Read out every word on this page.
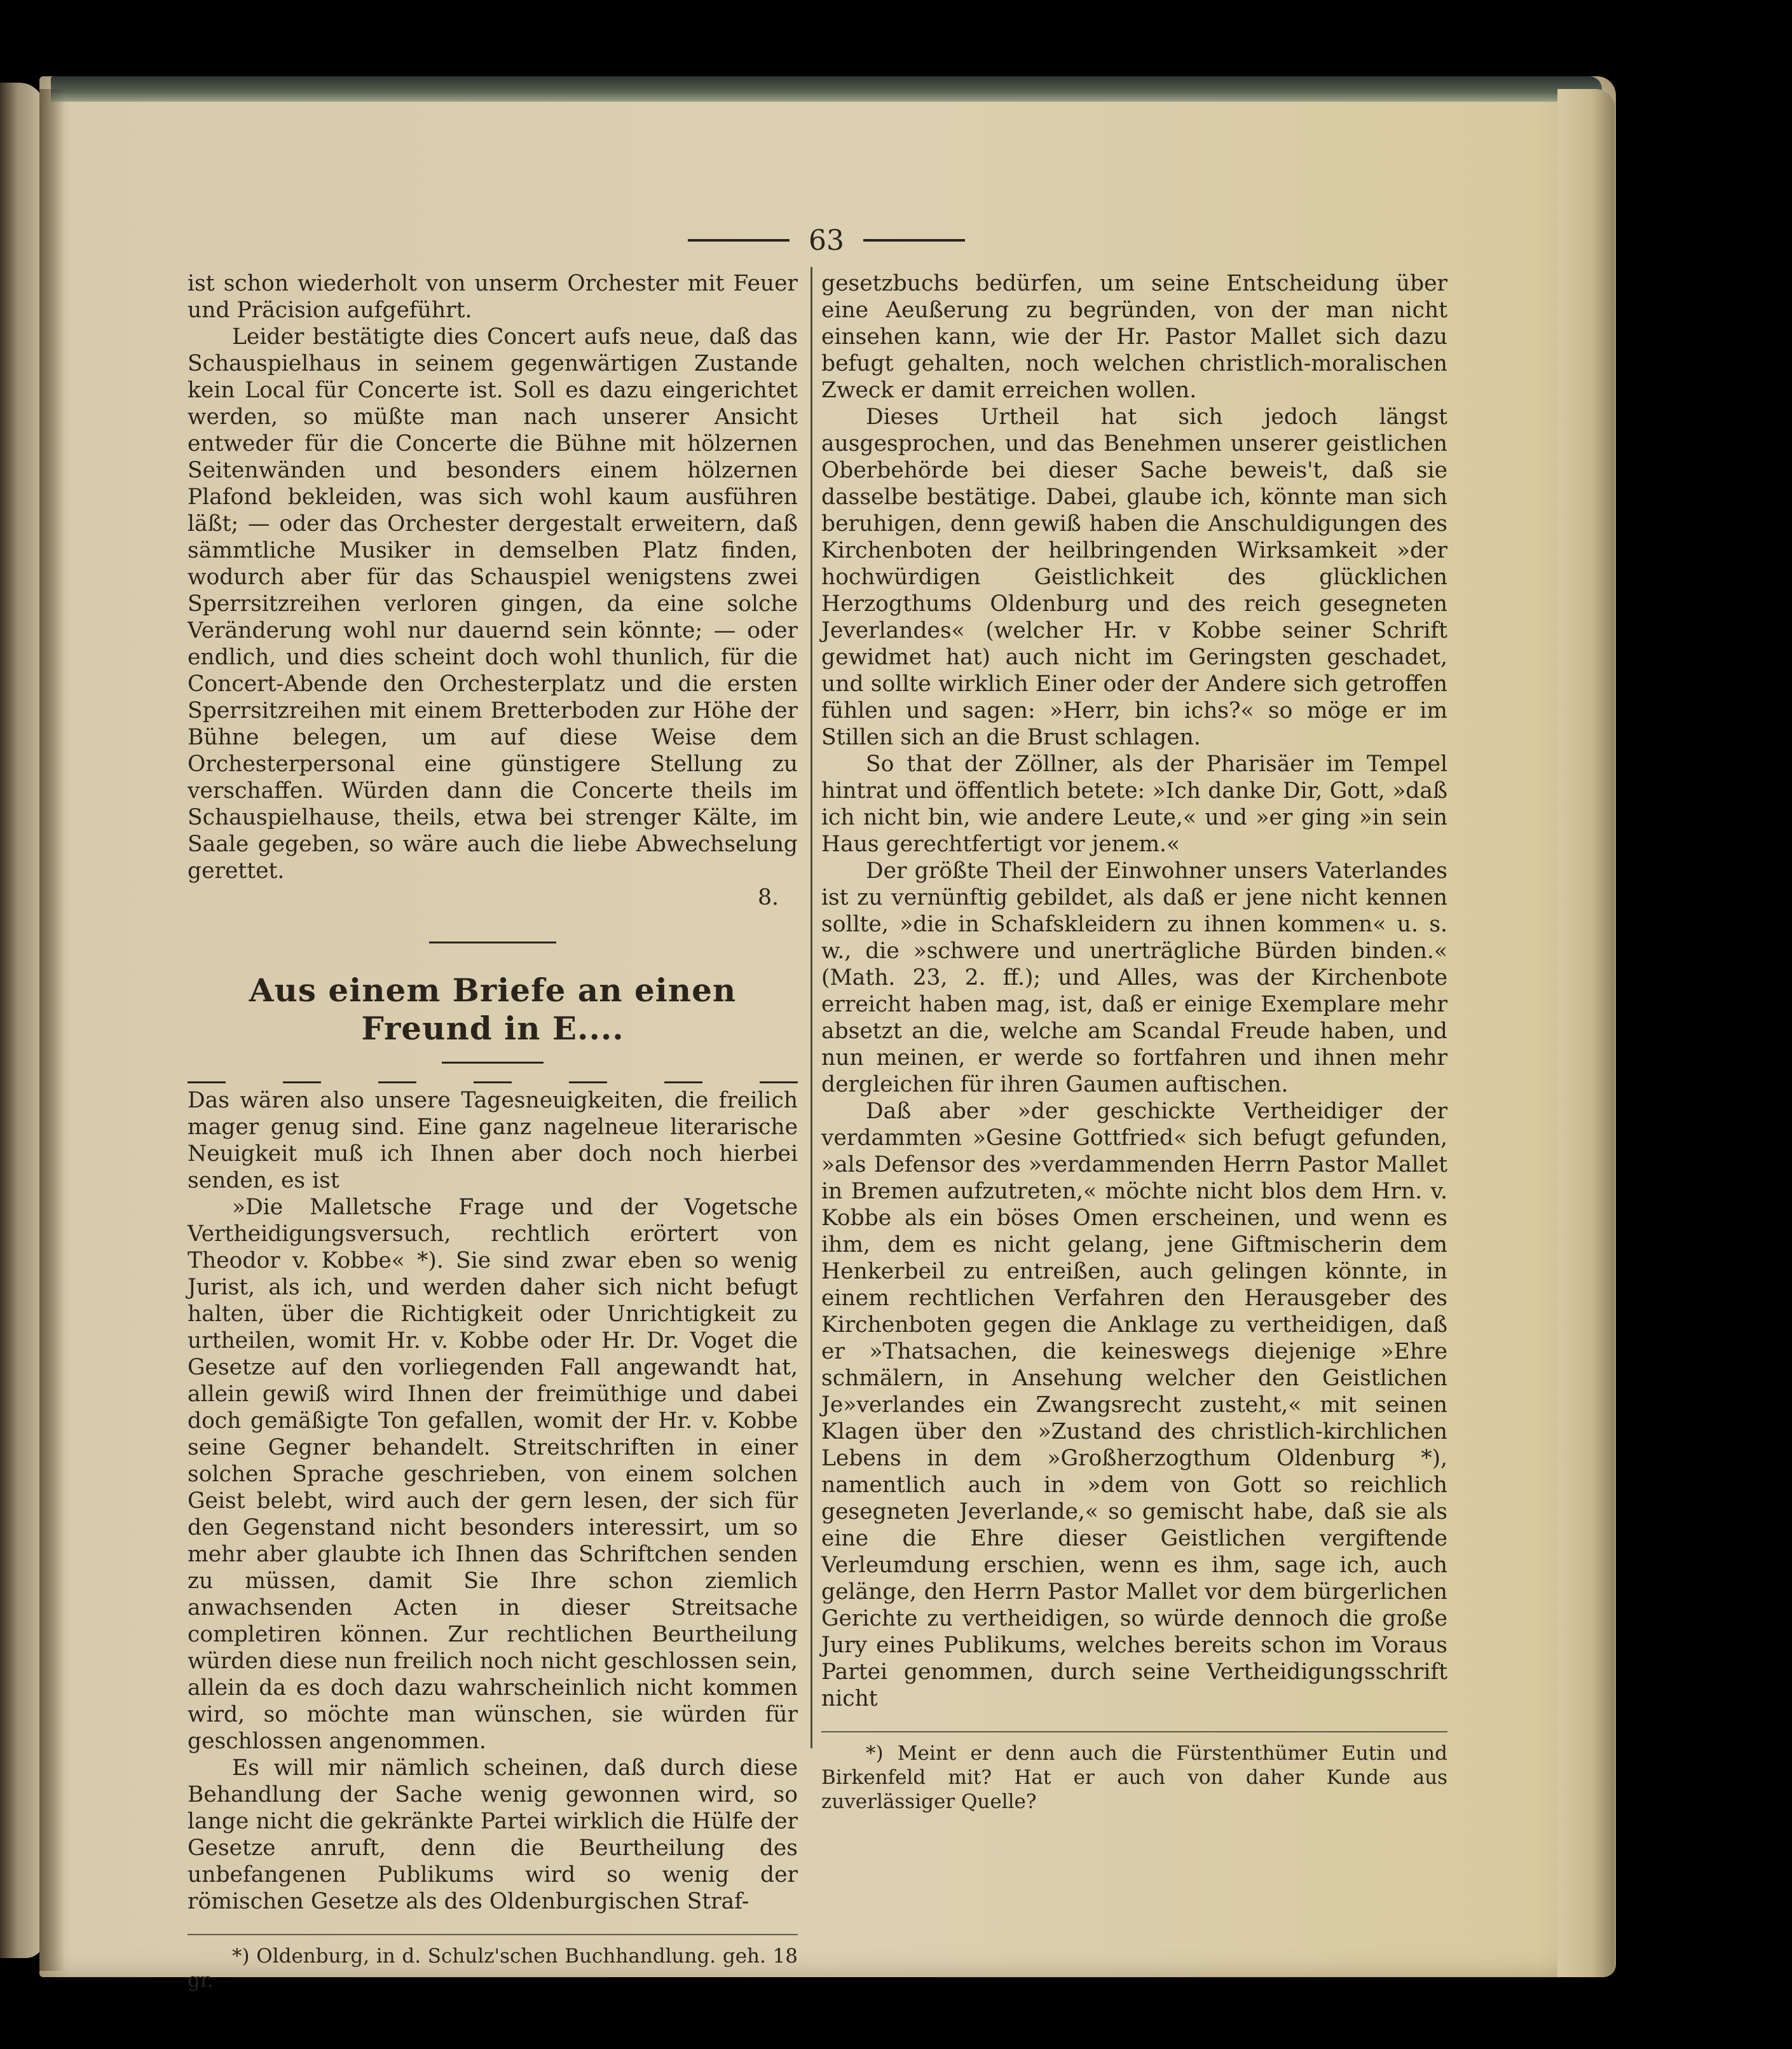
63

ist schon wiederholt von unserm Orchester mit Feuer und Präcision aufgeführt.

Leider bestätigte dies Concert aufs neue, daß das Schauspielhaus in seinem gegenwärtigen Zustande kein Local für Concerte ist. Soll es dazu eingerichtet werden, so müßte man nach unserer Ansicht entweder für die Concerte die Bühne mit hölzernen Seitenwänden und besonders einem hölzernen Plafond bekleiden, was sich wohl kaum ausführen läßt; — oder das Orchester dergestalt erweitern, daß sämmtliche Musiker in demselben Platz finden, wodurch aber für das Schauspiel wenigstens zwei Sperrsitzreihen verloren gingen, da eine solche Veränderung wohl nur dauernd sein könnte; — oder endlich, und dies scheint doch wohl thunlich, für die Concert-Abende den Orchesterplatz und die ersten Sperrsitzreihen mit einem Bretterboden zur Höhe der Bühne belegen, um auf diese Weise dem Orchesterpersonal eine günstigere Stellung zu verschaffen. Würden dann die Concerte theils im Schauspielhause, theils, etwa bei strenger Kälte, im Saale gegeben, so wäre auch die liebe Abwechselung gerettet.

8.

Aus einem Briefe an einen Freund in E....

Das wären also unsere Tagesneuigkeiten, die freilich mager genug sind. Eine ganz nagelneue literarische Neuigkeit muß ich Ihnen aber doch noch hierbei senden, es ist

»Die Malletsche Frage und der Vogetsche Vertheidigungsversuch, rechtlich erörtert von Theodor v. Kobbe« *). Sie sind zwar eben so wenig Jurist, als ich, und werden daher sich nicht befugt halten, über die Richtigkeit oder Unrichtigkeit zu urtheilen, womit Hr. v. Kobbe oder Hr. Dr. Voget die Gesetze auf den vorliegenden Fall angewandt hat, allein gewiß wird Ihnen der freimüthige und dabei doch gemäßigte Ton gefallen, womit der Hr. v. Kobbe seine Gegner behandelt. Streitschriften in einer solchen Sprache geschrieben, von einem solchen Geist belebt, wird auch der gern lesen, der sich für den Gegenstand nicht besonders interessirt, um so mehr aber glaubte ich Ihnen das Schriftchen senden zu müssen, damit Sie Ihre schon ziemlich anwachsenden Acten in dieser Streitsache completiren können. Zur rechtlichen Beurtheilung würden diese nun freilich noch nicht geschlossen sein, allein da es doch dazu wahrscheinlich nicht kommen wird, so möchte man wünschen, sie würden für geschlossen angenommen.

Es will mir nämlich scheinen, daß durch diese Behandlung der Sache wenig gewonnen wird, so lange nicht die gekränkte Partei wirklich die Hülfe der Gesetze anruft, denn die Beurtheilung des unbefangenen Publikums wird so wenig der römischen Gesetze als des Oldenburgischen Straf-

*) Oldenburg, in d. Schulz'schen Buchhandlung. geh. 18 gr.

gesetzbuchs bedürfen, um seine Entscheidung über eine Aeußerung zu begründen, von der man nicht einsehen kann, wie der Hr. Pastor Mallet sich dazu befugt gehalten, noch welchen christlich-moralischen Zweck er damit erreichen wollen.

Dieses Urtheil hat sich jedoch längst ausgesprochen, und das Benehmen unserer geistlichen Oberbehörde bei dieser Sache beweis't, daß sie dasselbe bestätige. Dabei, glaube ich, könnte man sich beruhigen, denn gewiß haben die Anschuldigungen des Kirchenboten der heilbringenden Wirksamkeit »der hochwürdigen Geistlichkeit des glücklichen Herzogthums Oldenburg und des reich gesegneten Jeverlandes« (welcher Hr. v Kobbe seiner Schrift gewidmet hat) auch nicht im Geringsten geschadet, und sollte wirklich Einer oder der Andere sich getroffen fühlen und sagen: »Herr, bin ichs?« so möge er im Stillen sich an die Brust schlagen.

So that der Zöllner, als der Pharisäer im Tempel hintrat und öffentlich betete: »Ich danke Dir, Gott, »daß ich nicht bin, wie andere Leute,« und »er ging »in sein Haus gerechtfertigt vor jenem.«

Der größte Theil der Einwohner unsers Vaterlandes ist zu vernünftig gebildet, als daß er jene nicht kennen sollte, »die in Schafskleidern zu ihnen kommen« u. s. w., die »schwere und unerträgliche Bürden binden.« (Math. 23, 2. ff.); und Alles, was der Kirchenbote erreicht haben mag, ist, daß er einige Exemplare mehr absetzt an die, welche am Scandal Freude haben, und nun meinen, er werde so fortfahren und ihnen mehr dergleichen für ihren Gaumen auftischen.

Daß aber »der geschickte Vertheidiger der verdammten »Gesine Gottfried« sich befugt gefunden, »als Defensor des »verdammenden Herrn Pastor Mallet in Bremen aufzutreten,« möchte nicht blos dem Hrn. v. Kobbe als ein böses Omen erscheinen, und wenn es ihm, dem es nicht gelang, jene Giftmischerin dem Henkerbeil zu entreißen, auch gelingen könnte, in einem rechtlichen Verfahren den Herausgeber des Kirchenboten gegen die Anklage zu vertheidigen, daß er »Thatsachen, die keineswegs diejenige »Ehre schmälern, in Ansehung welcher den Geistlichen Je»verlandes ein Zwangsrecht zusteht,« mit seinen Klagen über den »Zustand des christlich-kirchlichen Lebens in dem »Großherzogthum Oldenburg *), namentlich auch in »dem von Gott so reichlich gesegneten Jeverlande,« so gemischt habe, daß sie als eine die Ehre dieser Geistlichen vergiftende Verleumdung erschien, wenn es ihm, sage ich, auch gelänge, den Herrn Pastor Mallet vor dem bürgerlichen Gerichte zu vertheidigen, so würde dennoch die große Jury eines Publikums, welches bereits schon im Voraus Partei genommen, durch seine Vertheidigungsschrift nicht

*) Meint er denn auch die Fürstenthümer Eutin und Birkenfeld mit? Hat er auch von daher Kunde aus zuverlässiger Quelle?
